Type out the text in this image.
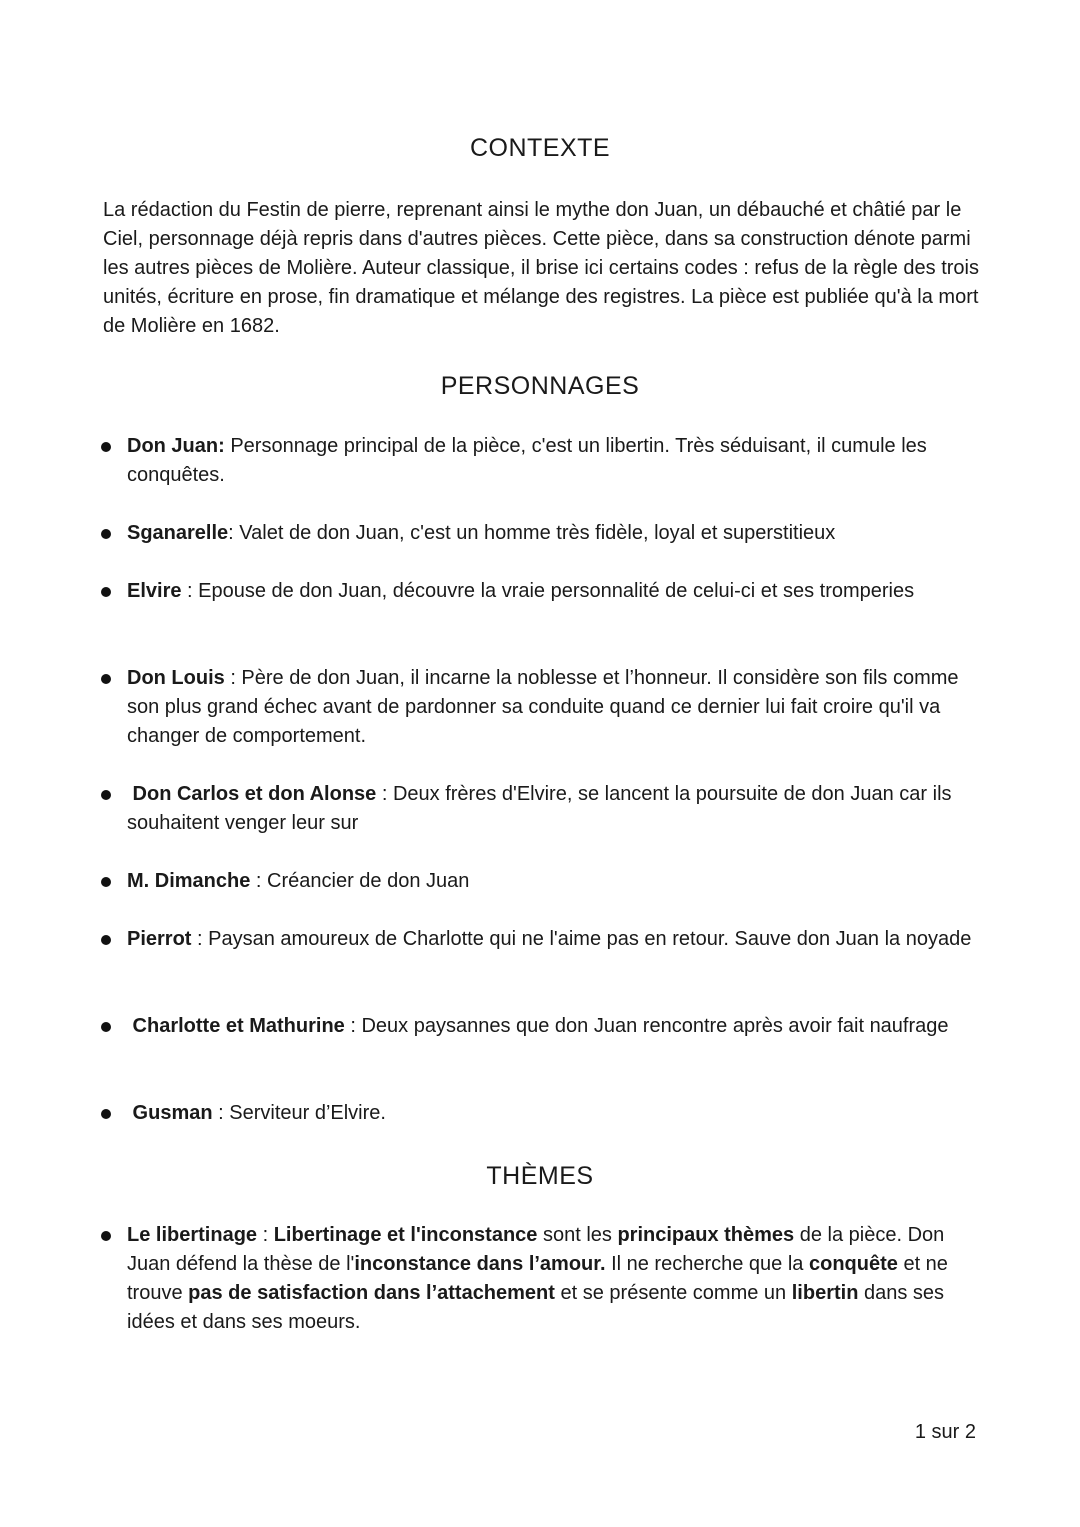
CONTEXTE

La rédaction du Festin de pierre, reprenant ainsi le mythe don Juan, un débauché et châtié par le Ciel, personnage déjà repris dans d'autres pièces. Cette pièce, dans sa construction dénote parmi les autres pièces de Molière. Auteur classique, il brise ici certains codes : refus de la règle des trois unités, écriture en prose, fin dramatique et mélange des registres. La pièce est publiée qu'à la mort de Molière en 1682.

PERSONNAGES
Don Juan: Personnage principal de la pièce, c'est un libertin. Très séduisant, il cumule les conquêtes.
Sganarelle: Valet de don Juan, c'est un homme très fidèle, loyal et superstitieux
Elvire : Epouse de don Juan, découvre la vraie personnalité de celui-ci et ses tromperies
Don Louis : Père de don Juan, il incarne la noblesse et l’honneur. Il considère son fils comme son plus grand échec avant de pardonner sa conduite quand ce dernier lui fait croire qu'il va changer de comportement.
Don Carlos et don Alonse : Deux frères d'Elvire, se lancent la poursuite de don Juan car ils souhaitent venger leur sur
M. Dimanche : Créancier de don Juan
Pierrot : Paysan amoureux de Charlotte qui ne l'aime pas en retour. Sauve don Juan la noyade
Charlotte et Mathurine : Deux paysannes que don Juan rencontre après avoir fait naufrage
Gusman : Serviteur d’Elvire.
THÈMES
Le libertinage : Libertinage et l'inconstance sont les principaux thèmes de la pièce. Don Juan défend la thèse de l'inconstance dans l’amour. Il ne recherche que la conquête et ne trouve pas de satisfaction dans l’attachement et se présente comme un libertin dans ses idées et dans ses moeurs.
1 sur 2
